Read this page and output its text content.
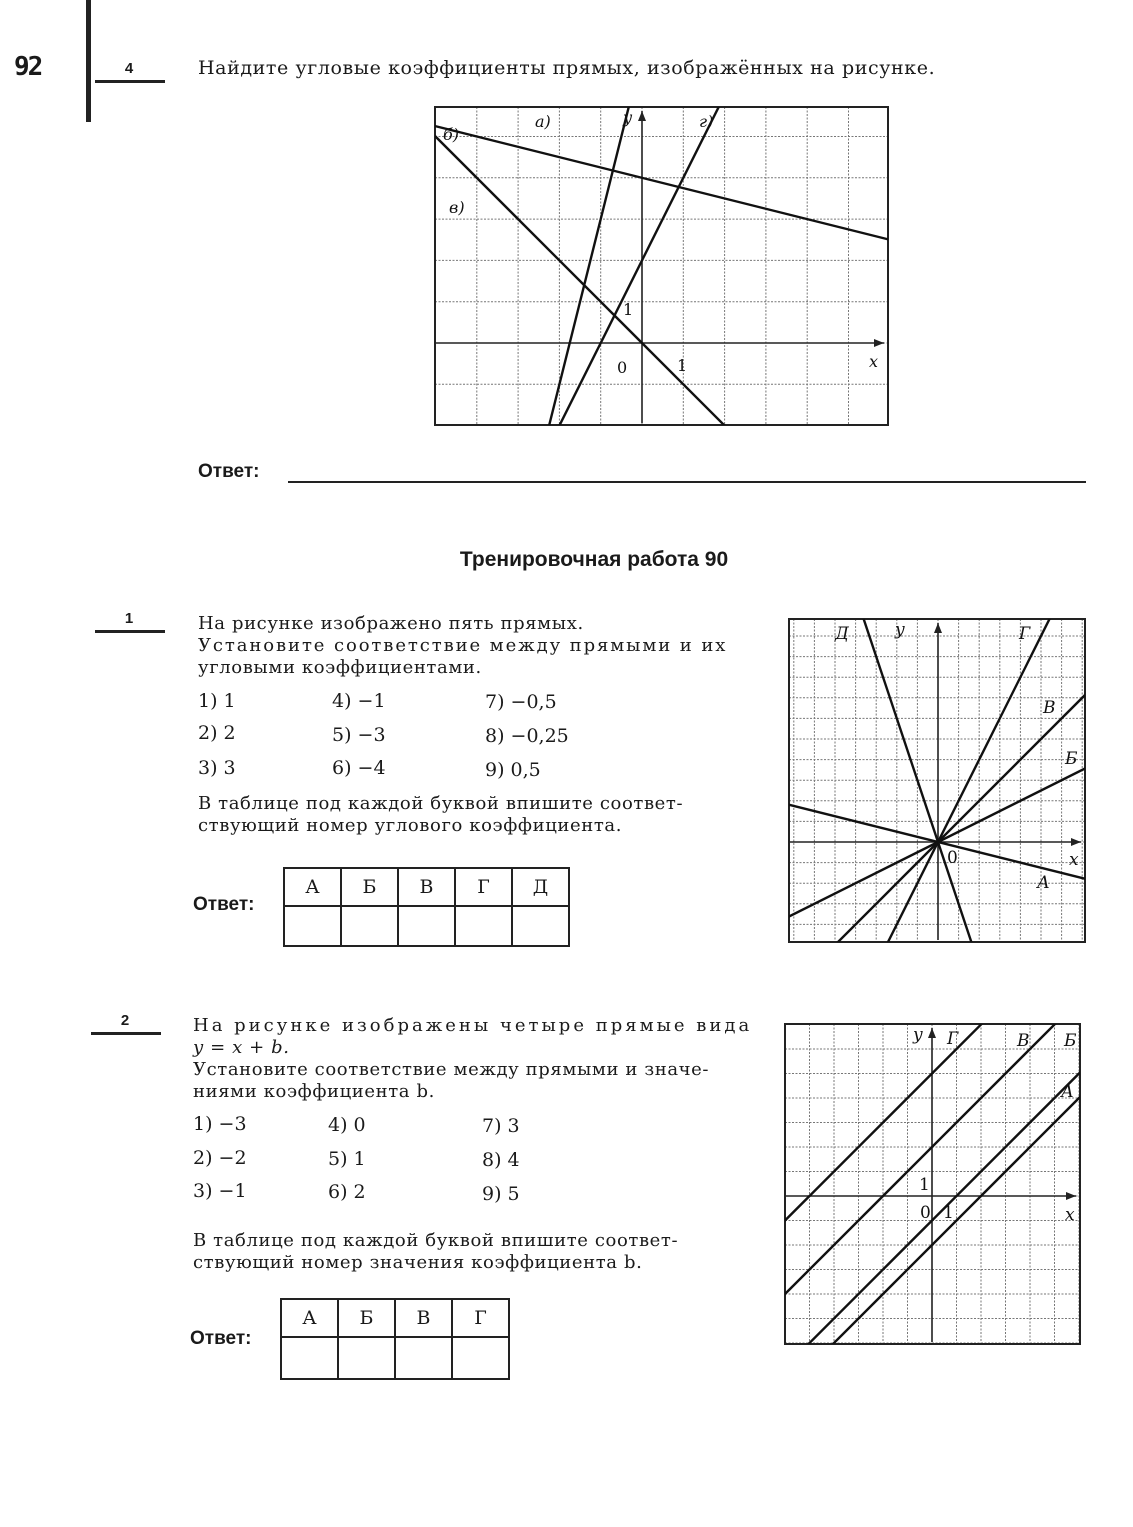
92	4	Найдите угловые коэффициенты прямых, изображённых на рисунке.
а)
б)
в)
г)
y
x
0	1
1
Ответ:
Тренировочная работа 90
1	На рисунке изображено пять прямых.
Установите соответствие между прямыми и их
угловыми коэффициентами.
1) 1
2) 2
3) 3
4) −1
5) −3
6) −4
7) −0,5
8) −0,25
9) 0,5
В таблице под каждой буквой впишите соответ-
ствующий номер углового коэффициента.
Ответ:
А	Б	В	Г	Д
					А
Б
В
Г
Д	y
x
0
2	На рисунке изображены четыре прямые вида
y = x + b.
Установите соответствие между прямыми и значе-
ниями коэффициента b.
1) −3
2) −2
3) −1
4) 0
5) 1
6) 2
7) 3
8) 4
9) 5
В таблице под каждой буквой впишите соответ-
ствующий номер значения коэффициента b.
Ответ:
А	Б	В	Г

А
Б
В
Г
y
x
0 1
1
